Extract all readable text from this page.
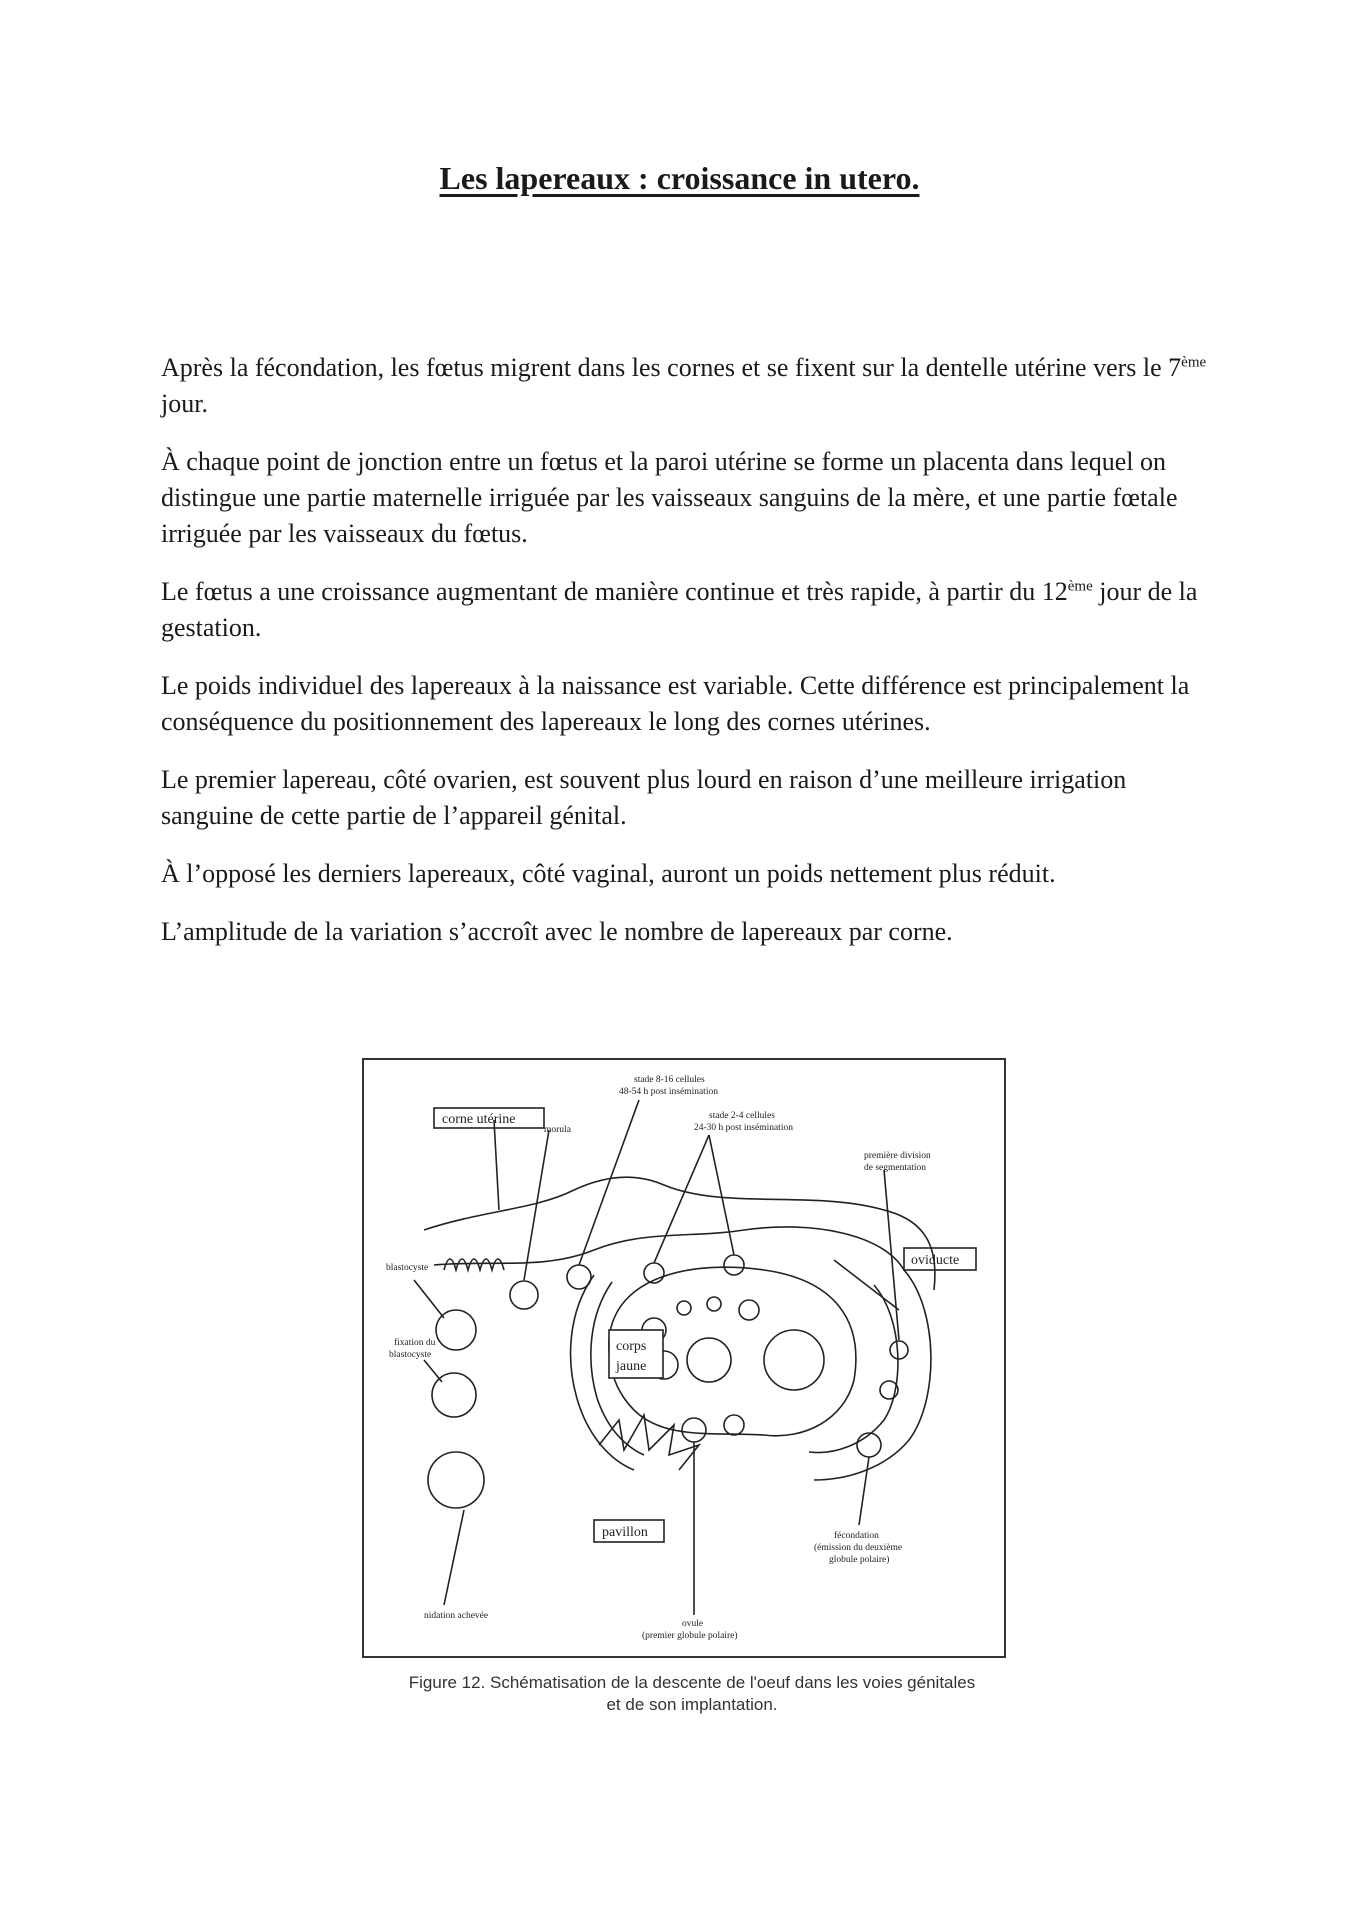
Les lapereaux : croissance in utero.

Après la fécondation, les fœtus migrent dans les cornes et se fixent sur la dentelle utérine vers le 7ème jour.

À chaque point de jonction entre un fœtus et la paroi utérine se forme un placenta dans lequel on distingue une partie maternelle irriguée par les vaisseaux sanguins de la mère, et une partie fœtale irriguée par les vaisseaux du fœtus.

Le fœtus a une croissance augmentant de manière continue et très rapide, à partir du 12ème jour de la gestation.

Le poids individuel des lapereaux à la naissance est variable. Cette différence est principalement la conséquence du positionnement des lapereaux le long des cornes utérines.

Le premier lapereau, côté ovarien, est souvent plus lourd en raison d’une meilleure irrigation sanguine de cette partie de l’appareil génital.

À l’opposé les derniers lapereaux, côté vaginal, auront un poids nettement plus réduit.

L’amplitude de la variation s’accroît avec le nombre de lapereaux par corne.

corne utérine
morula
stade 8-16 cellules
48-54 h post insémination
stade 2-4 cellules
24-30 h post insémination
première division
de segmentation
oviducte
blastocyste
fixation du
blastocyste
corps
jaune
pavillon	fécondation
(émission du deuxième
globule polaire)
nidation achevée
ovule
(premier globule polaire)
Figure 12. Schématisation de la descente de l'oeuf dans les voies génitales
et de son implantation.
